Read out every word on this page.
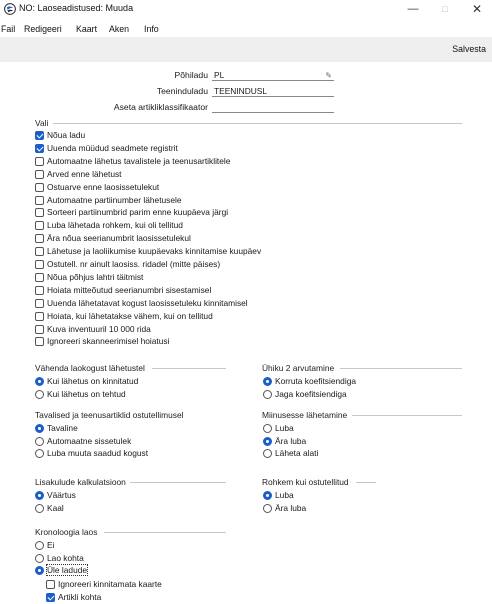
NO: Laoseadistused: Muuda	—	□	✕
Fail Redigeeri Kaart Aken Info
Salvesta
Põhiladu PL	✎
Teeninduladu TEENINDUSL
Aseta artikliklassifikaator
Vali
Nõua ladu
Uuenda müüdud seadmete registrit
Automaatne lähetus tavalistele ja teenusartiklitele
Arved enne lähetust
Ostuarve enne laosissetulekut
Automaatne partiinumber lähetusele
Sorteeri partiinumbrid parim enne kuupäeva järgi
Luba lähetada rohkem, kui oli tellitud
Ära nõua seerianumbrit laosissetulekul
Lähetuse ja laoliikumise kuupäevaks kinnitamise kuupäev
Ostutell. nr ainult laosiss. ridadel (mitte päises)
Nõua põhjus lahtri täitmist
Hoiata mitteõutud seerianumbri sisestamisel
Uuenda lähetatavat kogust laosissetuleku kinnitamisel
Hoiata, kui lähetatakse vähem, kui on tellitud
Kuva inventuuril 10 000 rida
Ignoreeri skanneerimisel hoiatusi
Vähenda laokogust lähetustel
Kui lähetus on kinnitatud
Kui lähetus on tehtud
Ühiku 2 arvutamine
Korruta koefitsiendiga
Jaga koefitsiendiga
Tavalised ja teenusartiklid ostutellimusel
Tavaline
Automaatne sissetulek
Luba muuta saadud kogust
Miinusesse lähetamine
Luba
Ära luba
Läheta alati
Lisakulude kalkulatsioon
Väärtus
Kaal
Rohkem kui ostutellitud
Luba
Ära luba
Kronoloogia laos
Ei
Lao kohta
Üle ladude
Ignoreeri kinnitamata kaarte
Artikli kohta
